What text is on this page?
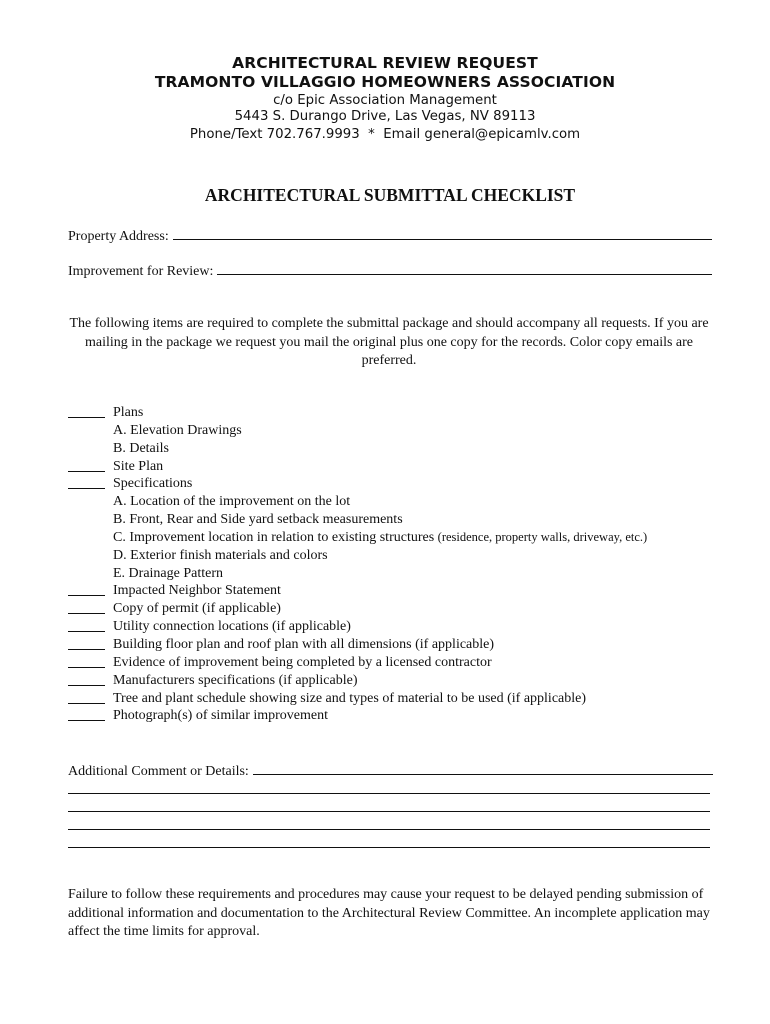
ARCHITECTURAL REVIEW REQUEST
TRAMONTO VILLAGGIO HOMEOWNERS ASSOCIATION
c/o Epic Association Management
5443 S. Durango Drive, Las Vegas, NV 89113
Phone/Text 702.767.9993  *  Email general@epicamlv.com
ARCHITECTURAL SUBMITTAL CHECKLIST
Property Address:
Improvement for Review:
The following items are required to complete the submittal package and should accompany all requests. If you are mailing in the package we request you mail the original plus one copy for the records. Color copy emails are preferred.
Plans
A. Elevation Drawings
B. Details
Site Plan
Specifications
A. Location of the improvement on the lot
B. Front, Rear and Side yard setback measurements
C. Improvement location in relation to existing structures (residence, property walls, driveway, etc.)
D. Exterior finish materials and colors
E. Drainage Pattern
Impacted Neighbor Statement
Copy of permit (if applicable)
Utility connection locations (if applicable)
Building floor plan and roof plan with all dimensions (if applicable)
Evidence of improvement being completed by a licensed contractor
Manufacturers specifications (if applicable)
Tree and plant schedule showing size and types of material to be used (if applicable)
Photograph(s) of similar improvement
Additional Comment or Details:
Failure to follow these requirements and procedures may cause your request to be delayed pending submission of additional information and documentation to the Architectural Review Committee. An incomplete application may affect the time limits for approval.
